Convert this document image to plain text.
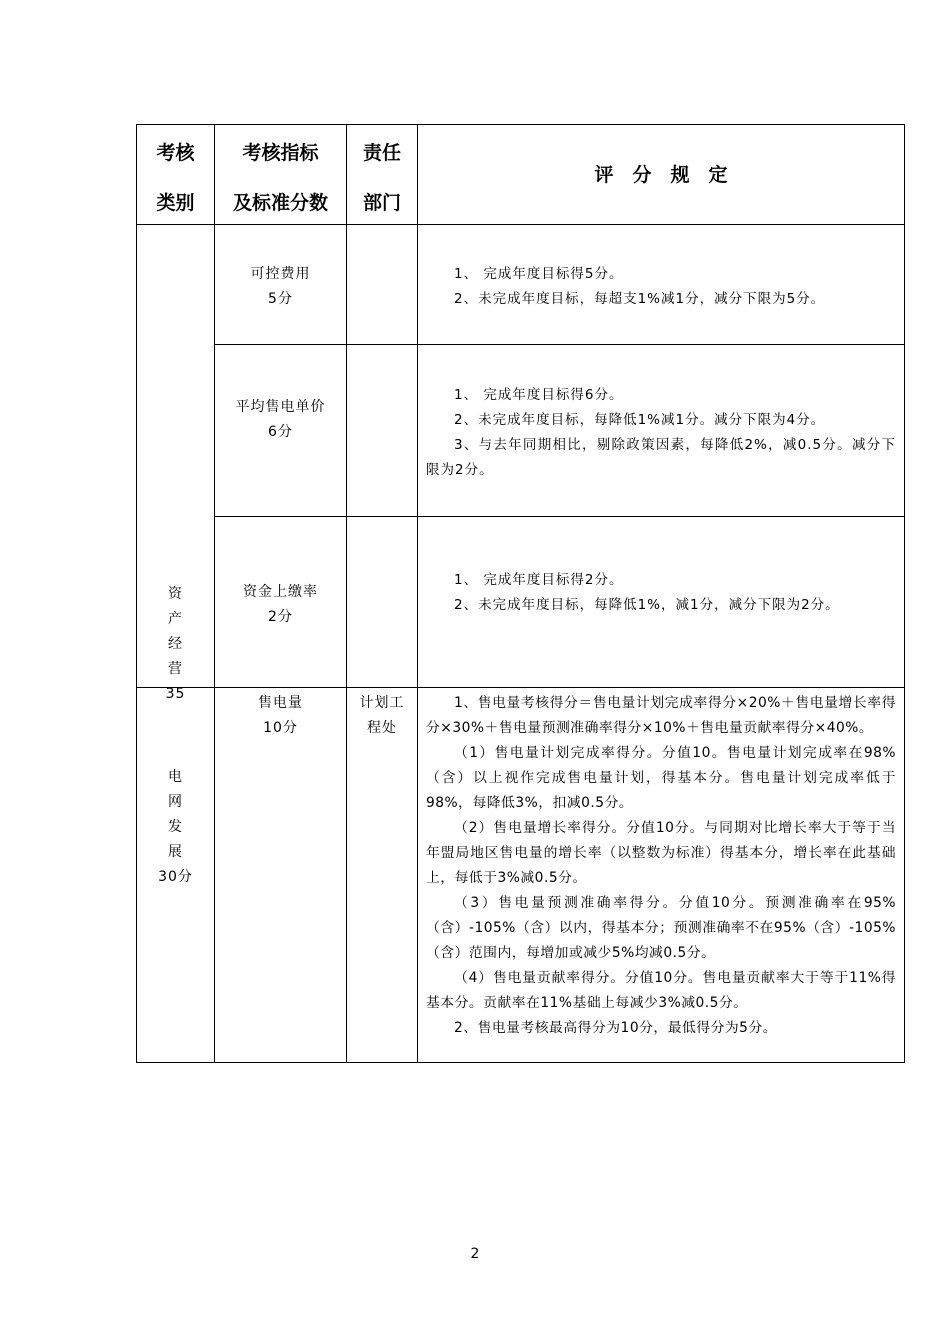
考核
类别
考核指标
及标准分数
责任
部门
评　分　规　定
资
产
经
营
35
电
网
发
展
30分
可控费用
5分

1、 完成年度目标得5分。

2、未完成年度目标，每超支1%减1分，减分下限为5分。

平均售电单价
6分

1、 完成年度目标得6分。

2、未完成年度目标，每降低1%减1分。减分下限为4分。

3、与去年同期相比，剔除政策因素，每降低2%，减0.5分。减分下限为2分。

资金上缴率
2分

1、 完成年度目标得2分。

2、未完成年度目标，每降低1%，减1分，减分下限为2分。

售电量
10分
计划工
程处

1、售电量考核得分＝售电量计划完成率得分×20%＋售电量增长率得分×30%＋售电量预测准确率得分×10%＋售电量贡献率得分×40%。

（1）售电量计划完成率得分。分值10。售电量计划完成率在98%（含）以上视作完成售电量计划，得基本分。售电量计划完成率低于98%，每降低3%，扣减0.5分。

（2）售电量增长率得分。分值10分。与同期对比增长率大于等于当年盟局地区售电量的增长率（以整数为标准）得基本分，增长率在此基础上，每低于3%减0.5分。

（3）售电量预测准确率得分。分值10分。预测准确率在95%（含）-105%（含）以内，得基本分；预测准确率不在95%（含）-105%（含）范围内，每增加或减少5%均减0.5分。

（4）售电量贡献率得分。分值10分。售电量贡献率大于等于11%得基本分。贡献率在11%基础上每减少3%减0.5分。

2、售电量考核最高得分为10分，最低得分为5分。

2
